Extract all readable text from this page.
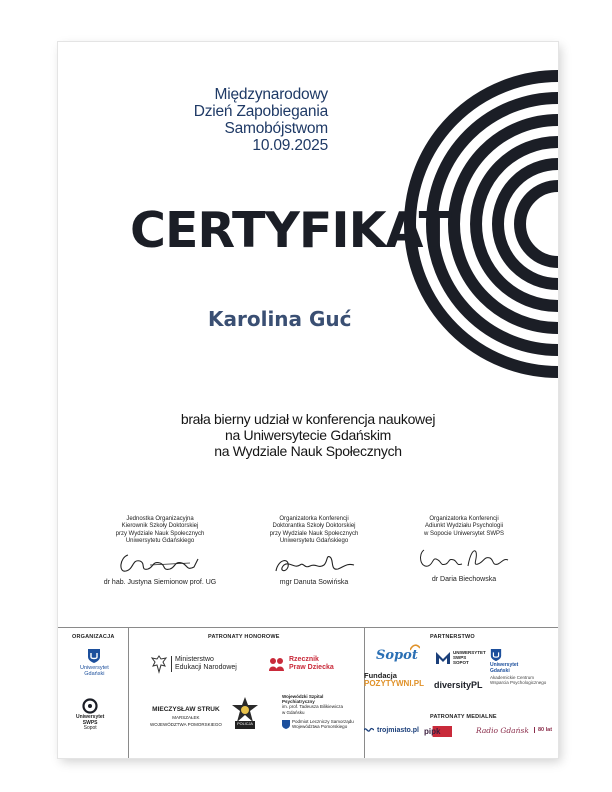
Międzynarodowy
Dzień Zapobiegania
Samobójstwom
10.09.2025
CERTYFIKAT
Karolina Guć
brała bierny udział w konferencja naukowej
na Uniwersytecie Gdańskim
na Wydziale Nauk Społecznych
Jednostka Organizacyjna
Kierownik Szkoły Doktorskiej
przy Wydziale Nauk Społecznych
Uniwersytetu Gdańskiego
dr hab. Justyna Siemionow prof. UG
Organizatorka Konferencji
Doktorantka Szkoły Doktorskiej
przy Wydziale Nauk Społecznych
Uniwersytetu Gdańskiego
mgr Danuta Sowińska
Organizatorka Konferencji
Adiunkt Wydziału Psychologii
w Sopocie Uniwersytet SWPS
dr Daria Biechowska
ORGANIZACJA	PATRONATY HONOROWE	PARTNERSTWO
PATRONATY MEDIALNE
Uniwersytet
Gdański
Uniwersytet
SWPS
Sopot
Ministerstwo
Edukacji Narodowej
Rzecznik
Praw Dziecka
MIECZYSŁAW STRUK
MARSZAŁEK
WOJEWÓDZTWA POMORSKIEGO	POLICJA
Wojewódzki Szpital
Psychiatryczny
im. prof. Tadeusza Bilikiewicza
w Gdańsku
Podmiot Leczniczy Samorządu
Województwa Pomorskiego
Sopot
Fundacja
POZYTYWNI.PL
UNIWERSYTET
SWPS
SOPOT
diversityPL
Uniwersytet
Gdański
Akademickie Centrum
Wsparcia Psychologicznego
trojmiasto.pl pipk	Radio Gdańsk	80 lat
